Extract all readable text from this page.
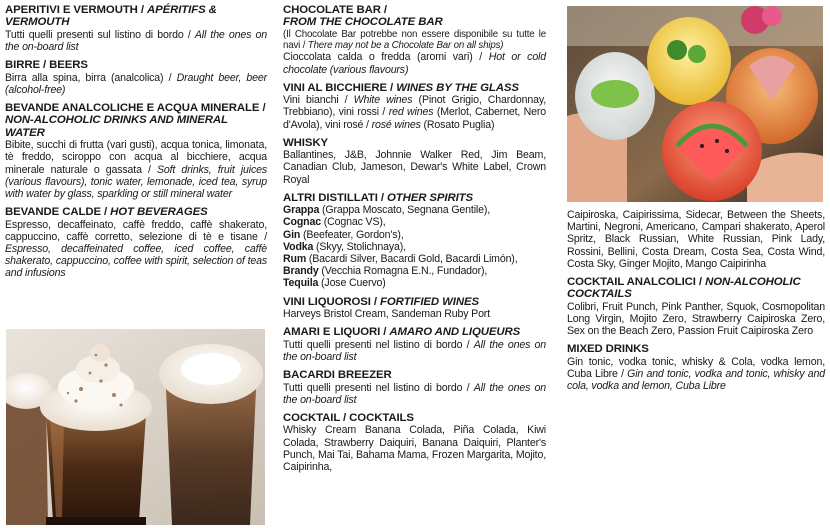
APERITIVI E VERMOUTH / APÉRITIFS & VERMOUTH
Tutti quelli presenti sul listino di bordo / All the ones on the on-board list
BIRRE / BEERS
Birra alla spina, birra (analcolica) / Draught beer, beer (alcohol-free)
BEVANDE ANALCOLICHE E ACQUA MINERALE / NON-ALCOHOLIC DRINKS AND MINERAL WATER
Bibite, succhi di frutta (vari gusti), acqua tonica, limonata, tè freddo, sciroppo con acqua al bicchiere, acqua minerale naturale o gassata / Soft drinks, fruit juices (various flavours), tonic water, lemonade, iced tea, syrup with water by glass, sparkling or still mineral water
BEVANDE CALDE / HOT BEVERAGES
Espresso, decaffeinato, caffè freddo, caffè shakerato, cappuccino, caffè corretto, selezione di tè e tisane / Espresso, decaffeinated coffee, iced coffee, caffè shakerato, cappuccino, coffee with spirit, selection of teas and infusions
CHOCOLATE BAR /
FROM THE CHOCOLATE BAR
(Il Chocolate Bar potrebbe non essere disponibile su tutte le navi / There may not be a Chocolate Bar on all ships)
Cioccolata calda o fredda (aromi vari) / Hot or cold chocolate (various flavours)
VINI AL BICCHIERE / WINES BY THE GLASS
Vini bianchi / White wines (Pinot Grigio, Chardonnay, Trebbiano), vini rossi / red wines (Merlot, Cabernet, Nero d'Avola), vini rosé / rosé wines (Rosato Puglia)
WHISKY
Ballantines, J&B, Johnnie Walker Red, Jim Beam, Canadian Club, Jameson, Dewar's White Label, Crown Royal
ALTRI DISTILLATI / OTHER SPIRITS
Grappa (Grappa Moscato, Segnana Gentile),
Cognac (Cognac VS),
Gin (Beefeater, Gordon's),
Vodka (Skyy, Stolichnaya),
Rum (Bacardi Silver, Bacardi Gold, Bacardi Limón),
Brandy (Vecchia Romagna E.N., Fundador),
Tequila (Jose Cuervo)
VINI LIQUOROSI / FORTIFIED WINES
Harveys Bristol Cream, Sandeman Ruby Port
AMARI E LIQUORI / AMARO AND LIQUEURS
Tutti quelli presenti nel listino di bordo / All the ones on the on-board list
BACARDI BREEZER
Tutti quelli presenti nel listino di bordo / All the ones on the on-board list
COCKTAIL / COCKTAILS
Whisky Cream Banana Colada, Piña Colada, Kiwi Colada, Strawberry Daiquiri, Banana Daiquiri, Planter's Punch, Mai Tai, Bahama Mama, Frozen Margarita, Mojito, Caipirinha,
Caipiroska, Caipirissima, Sidecar, Between the Sheets, Martini, Negroni, Americano, Campari shakerato, Aperol Spritz, Black Russian, White Russian, Pink Lady, Rossini, Bellini, Costa Dream, Costa Sea, Costa Wind, Costa Sky, Ginger Mojito, Mango Caipirinha
COCKTAIL ANALCOLICI / NON-ALCOHOLIC COCKTAILS
Colibri, Fruit Punch, Pink Panther, Squok, Cosmopolitan Long Virgin, Mojito Zero, Strawberry Caipiroska Zero, Sex on the Beach Zero, Passion Fruit Caipiroska Zero
MIXED DRINKS
Gin tonic, vodka tonic, whisky & Cola, vodka lemon, Cuba Libre / Gin and tonic, vodka and tonic, whisky and cola, vodka and lemon, Cuba Libre
